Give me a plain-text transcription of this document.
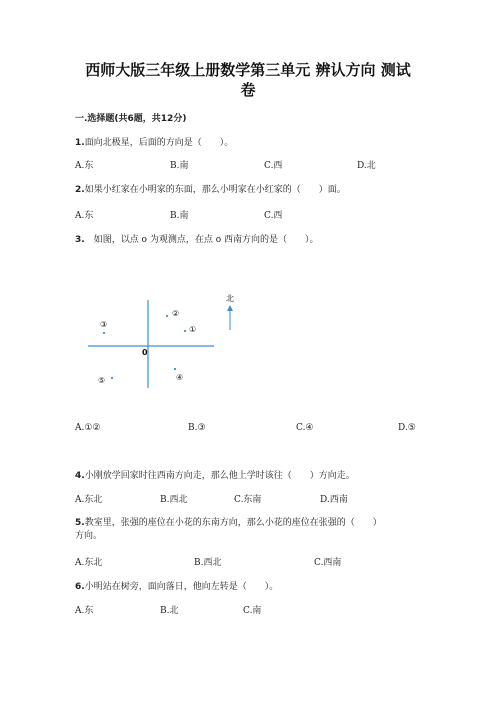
西师大版三年级上册数学第三单元 辨认方向 测试
卷
一.选择题(共6题，共12分)
1.面向北极星，后面的方向是（　　）。
A.东	B.南	C.西	D.北
2.如果小红家在小明家的东面，那么小明家在小红家的（　　）面。
A.东	B.南	C.西
3.　如图，以点 o 为观测点，在点 o 西南方向的是（　　）。
北
0
②
①
③
④
⑤
A.①②	B.③	C.④	D.⑤
4.小刚放学回家时往西南方向走，那么他上学时该往（　　）方向走。
A.东北	B.西北	C.东南	D.西南
5.教室里，张强的座位在小花的东南方向，那么小花的座位在张强的（　　）
方向。
A.东北	B.西北	C.西南
6.小明站在树旁，面向落日，他向左转是（　　）。
A.东	B.北	C.南
